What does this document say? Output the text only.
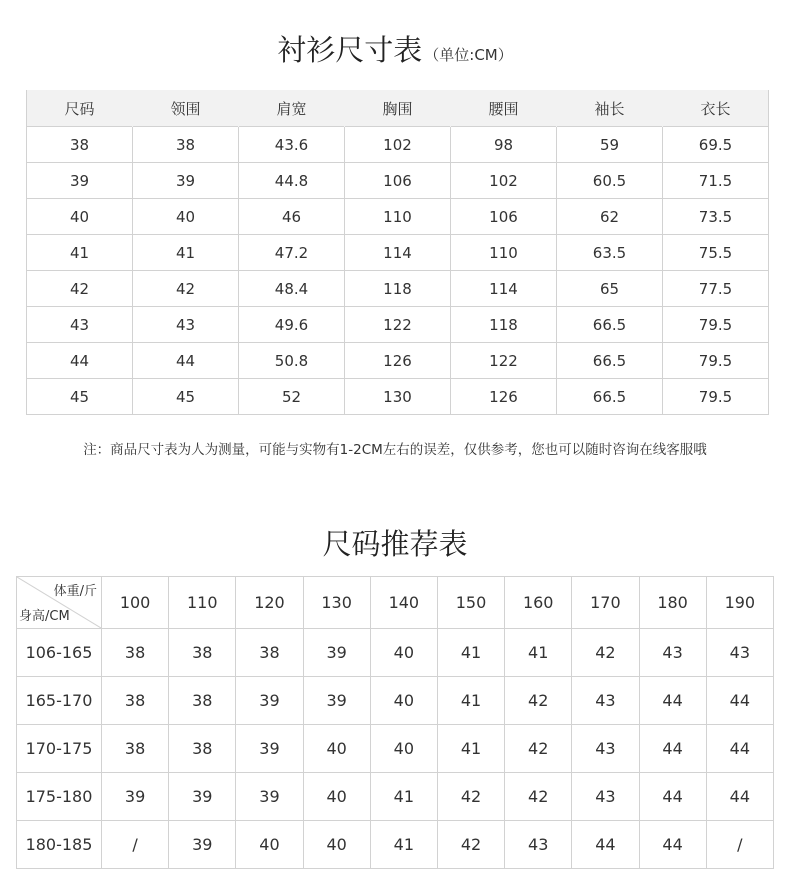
衬衫尺寸表 （单位:CM）
尺码	领围	肩宽	胸围	腰围	袖长	衣长
38	38	43.6	102	98	59	69.5
39	39	44.8	106	102	60.5	71.5
40	40	46	110	106	62	73.5
41	41	47.2	114	110	63.5	75.5
42	42	48.4	118	114	65	77.5
43	43	49.6	122	118	66.5	79.5
44	44	50.8	126	122	66.5	79.5
45	45	52	130	126	66.5	79.5
注：商品尺寸表为人为测量，可能与实物有1-2CM左右的误差，仅供参考，您也可以随时咨询在线客服哦
尺码推荐表
体重/斤
身高/CM	100	110	120	130	140	150	160	170	180	190
106-165	38	38	38	39	40	41	41	42	43	43
165-170	38	38	39	39	40	41	42	43	44	44
170-175	38	38	39	40	40	41	42	43	44	44
175-180	39	39	39	40	41	42	42	43	44	44
180-185	/	39	40	40	41	42	43	44	44	/
